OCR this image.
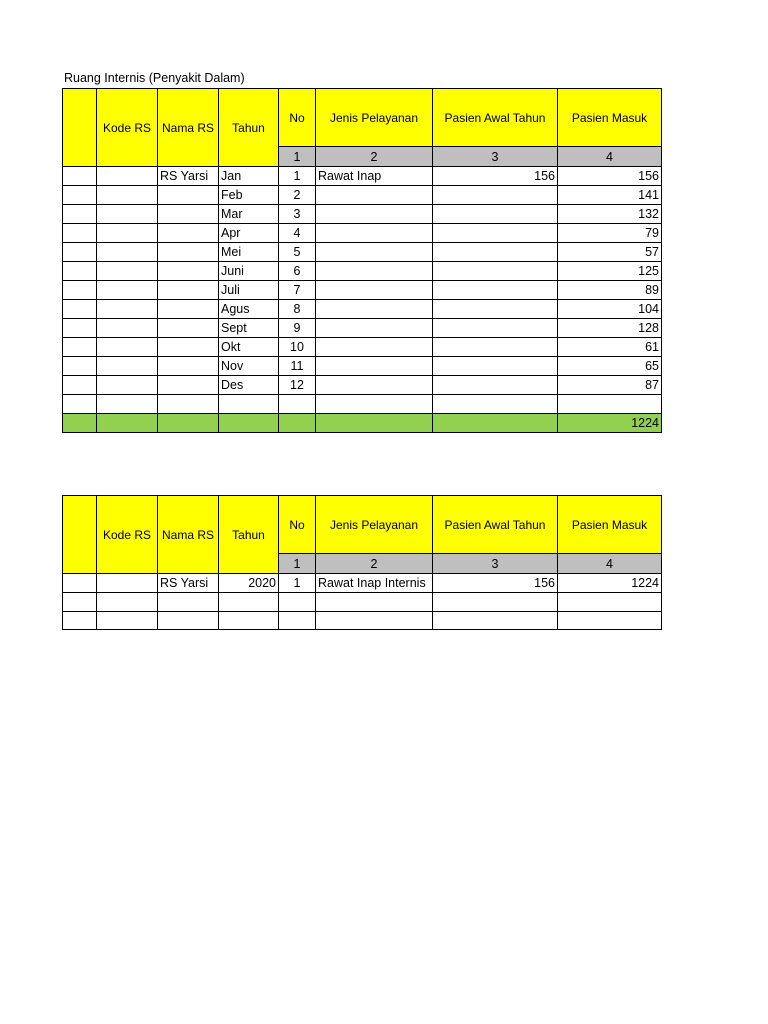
Ruang Internis (Penyakit Dalam)
	Kode RS	Nama RS	Tahun	No	Jenis Pelayanan	Pasien Awal Tahun	Pasien Masuk
				1	2	3	4
		RS Yarsi	Jan	1	Rawat Inap	156	156
			Feb	2			141
			Mar	3			132
			Apr	4			79
			Mei	5			57
			Juni	6			125
			Juli	7			89
			Agus	8			104
			Sept	9			128
			Okt	10			61
			Nov	11			65
			Des	12			87

							1224
	Kode RS	Nama RS	Tahun	No	Jenis Pelayanan	Pasien Awal Tahun	Pasien Masuk
				1	2	3	4
		RS Yarsi	2020	1	Rawat Inap Internis	156	1224
